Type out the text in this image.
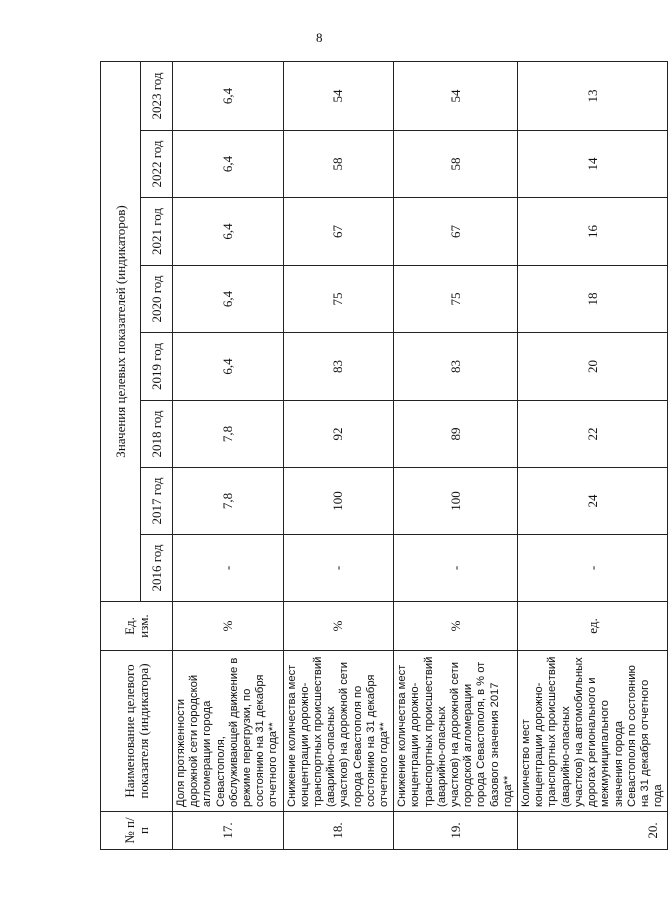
8
№ п/п	Наименование целевого показателя (индикатора)	Ед. изм.	Значения целевых показателей (индикаторов)							
			2016 год	2017 год	2018 год	2019 год	2020 год	2021 год	2022 год	2023 год
17.	Доля протяженности дорожной сети городской агломерации города Севастополя, обслуживающей движение в режиме перегрузки, по состоянию на 31 декабря отчетного года**	%	-	7,8	7,8	6,4	6,4	6,4	6,4	6,4
18.	Снижение количества мест концентрации дорожно-транспортных происшествий (аварийно-опасных участков) на дорожной сети города Севастополя по состоянию на 31 декабря отчетного года**	%	-	100	92	83	75	67	58	54
19.	Снижение количества мест концентрации дорожно-транспортных происшествий (аварийно-опасных участков) на дорожной сети городской агломерации города Севастополя, в % от базового значения 2017 года**	%	-	100	89	83	75	67	58	54
20.	Количество мест концентрации дорожно-транспортных происшествий (аварийно-опасных участков) на автомобильных дорогах регионального и межмуниципального значения города Севастополя по состоянию на 31 декабря отчетного года	ед.	-	24	22	20	18	16	14	13
